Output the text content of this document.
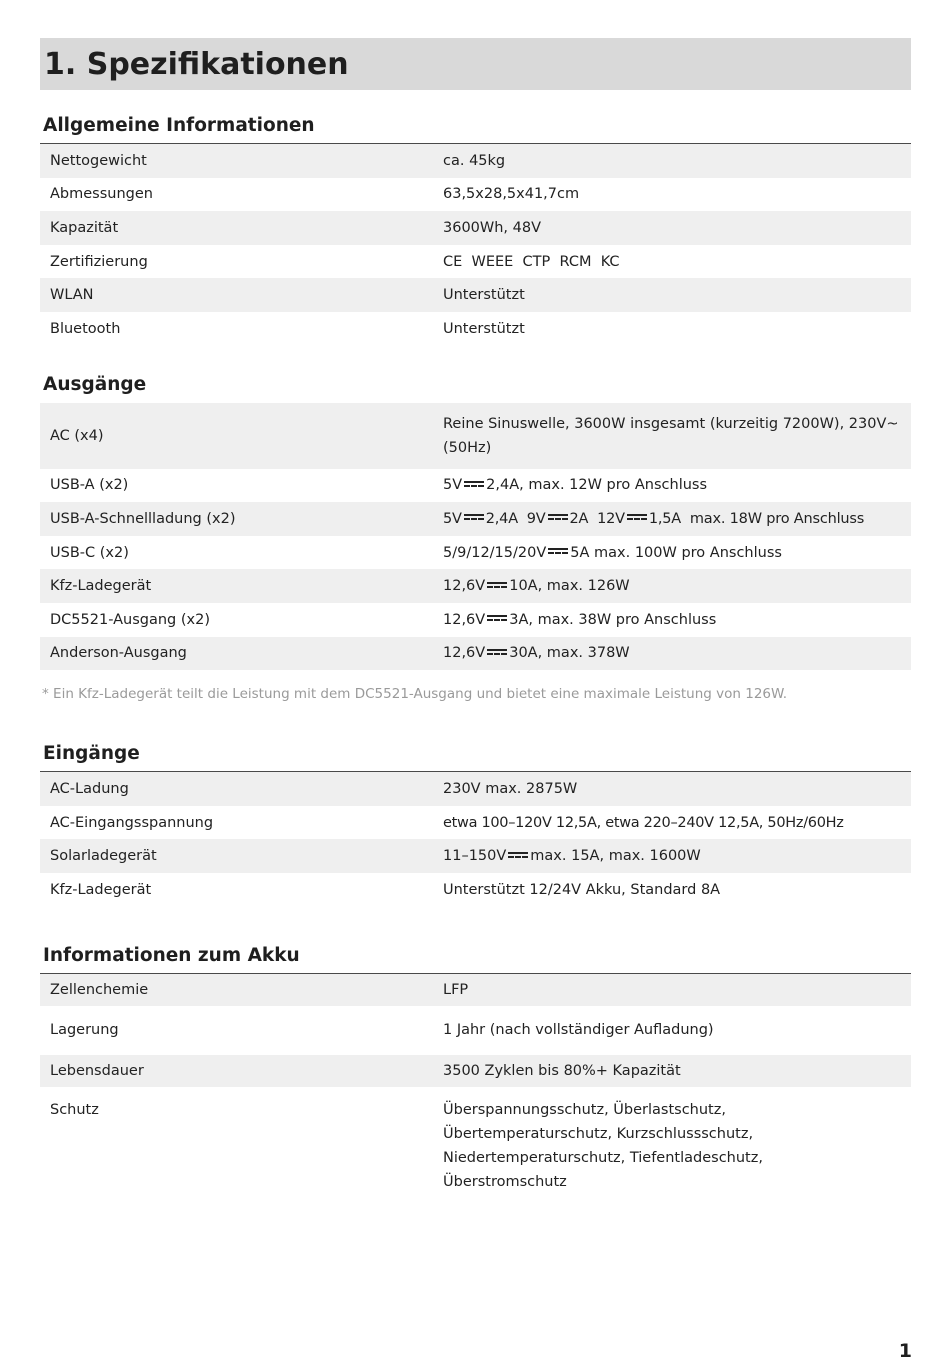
1. Spezifikationen
Allgemeine Informationen
Nettogewicht	ca. 45kg
Abmessungen	63,5x28,5x41,7cm
Kapazität	3600Wh, 48V
Zertifizierung	CE  WEEE  CTP  RCM  KC
WLAN	Unterstützt
Bluetooth	Unterstützt
Ausgänge
AC (x4)	Reine Sinuswelle, 3600W insgesamt (kurzeitig 7200W), 230V~(50Hz)
USB-A (x2)	5V 2,4A, max. 12W pro Anschluss
USB-A-Schnellladung (x2)	5V 2,4A  9V 2A  12V 1,5A  max. 18W pro Anschluss
USB-C (x2)	5/9/12/15/20V 5A max. 100W pro Anschluss
Kfz-Ladegerät	12,6V 10A, max. 126W
DC5521-Ausgang (x2)	12,6V 3A, max. 38W pro Anschluss
Anderson-Ausgang	12,6V 30A, max. 378W

* Ein Kfz-Ladegerät teilt die Leistung mit dem DC5521-Ausgang und bietet eine maximale Leistung von 126W.

Eingänge
AC-Ladung	230V max. 2875W
AC-Eingangsspannung	etwa 100–120V 12,5A, etwa 220–240V 12,5A, 50Hz/60Hz
Solarladegerät	11–150V max. 15A, max. 1600W
Kfz-Ladegerät	Unterstützt 12/24V Akku, Standard 8A
Informationen zum Akku
Zellenchemie	LFP
Lagerung	1 Jahr (nach vollständiger Aufladung)
Lebensdauer	3500 Zyklen bis 80%+ Kapazität
Schutz	Überspannungsschutz, Überlastschutz, Übertemperaturschutz, Kurzschlussschutz, Niedertemperaturschutz, Tiefentladeschutz, Überstromschutz
1
